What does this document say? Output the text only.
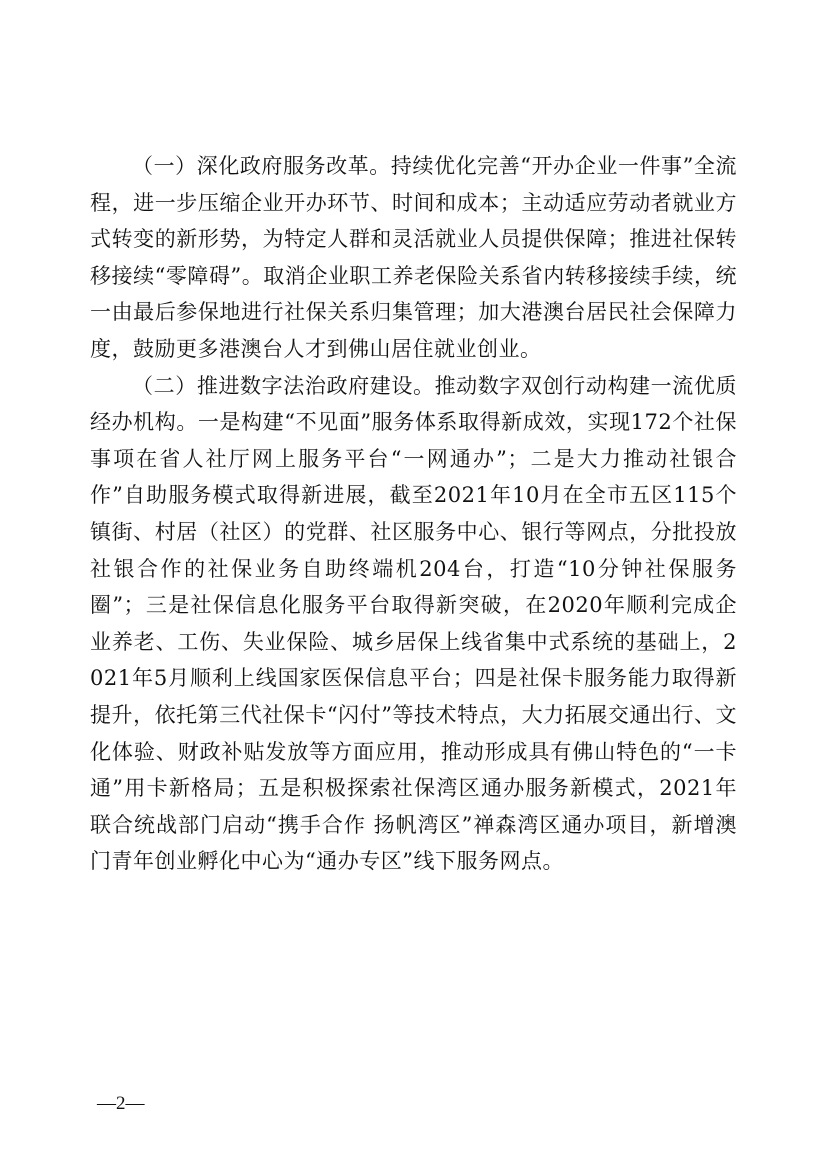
（一）深化政府服务改革。持续优化完善“开办企业一件事”全流程，进一步压缩企业开办环节、时间和成本；主动适应劳动者就业方式转变的新形势，为特定人群和灵活就业人员提供保障；推进社保转移接续“零障碍”。取消企业职工养老保险关系省内转移接续手续，统一由最后参保地进行社保关系归集管理；加大港澳台居民社会保障力度，鼓励更多港澳台人才到佛山居住就业创业。

（二）推进数字法治政府建设。推动数字双创行动构建一流优质经办机构。一是构建“不见面”服务体系取得新成效，实现172个社保事项在省人社厅网上服务平台“一网通办”；二是大力推动社银合作”自助服务模式取得新进展，截至2021年10月在全市五区115个镇街、村居（社区）的党群、社区服务中心、银行等网点，分批投放社银合作的社保业务自助终端机204台，打造“10分钟社保服务圈”；三是社保信息化服务平台取得新突破，在2020年顺利完成企业养老、工伤、失业保险、城乡居保上线省集中式系统的基础上，2021年5月顺利上线国家医保信息平台；四是社保卡服务能力取得新提升，依托第三代社保卡“闪付”等技术特点，大力拓展交通出行、文化体验、财政补贴发放等方面应用，推动形成具有佛山特色的“一卡通”用卡新格局；五是积极探索社保湾区通办服务新模式，2021年联合统战部门启动“携手合作 扬帆湾区”禅森湾区通办项目，新增澳门青年创业孵化中心为“通办专区”线下服务网点。

—2—
